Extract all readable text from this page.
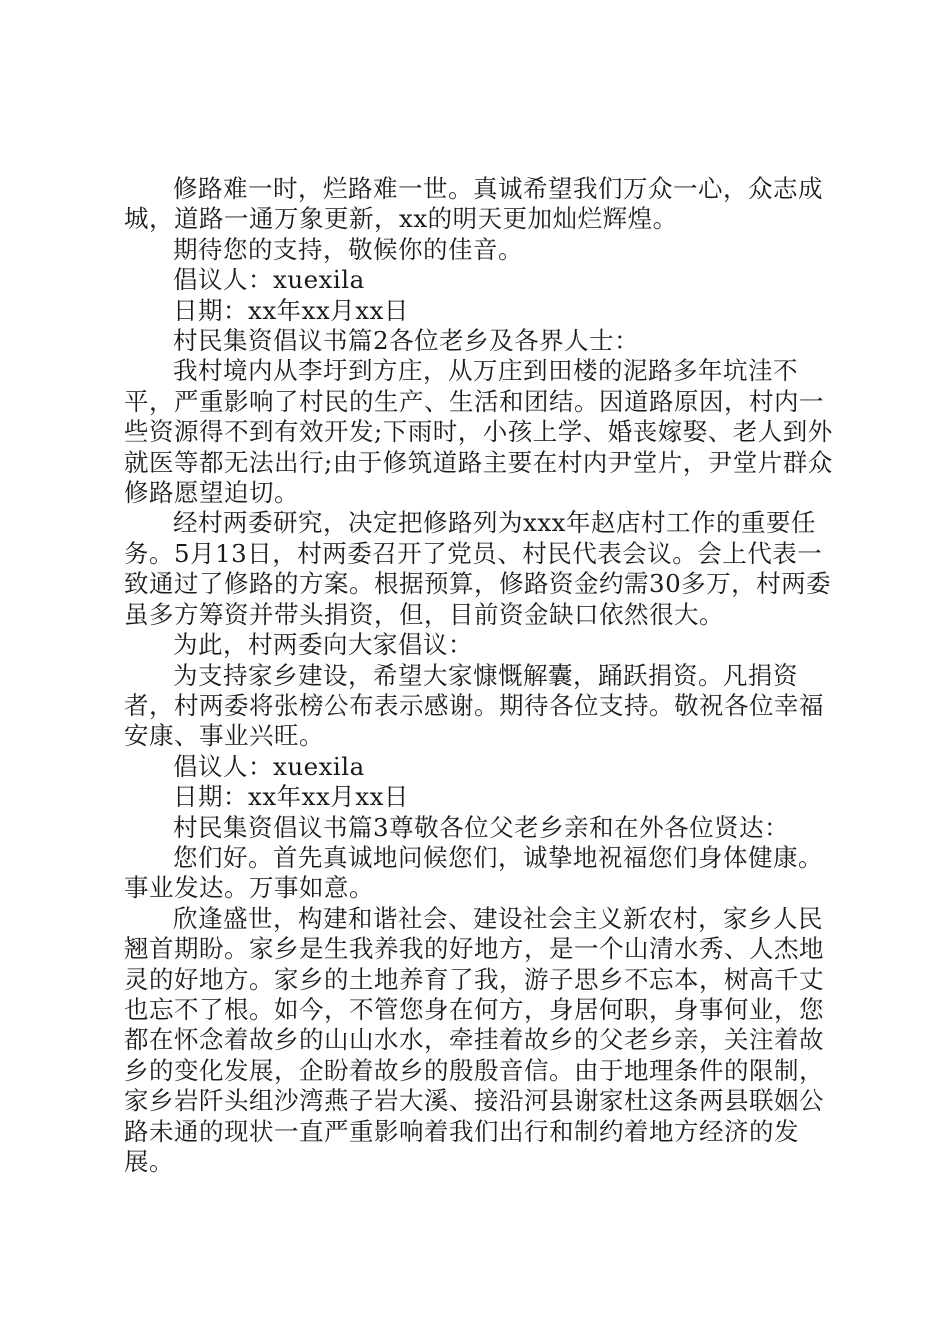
修路难一时，烂路难一世。真诚希望我们万众一心，众志成城，道路一通万象更新，xx的明天更加灿烂辉煌。

期待您的支持，敬候你的佳音。

倡议人：xuexila

日期：xx年xx月xx日

村民集资倡议书篇2各位老乡及各界人士：

我村境内从李圩到方庄，从万庄到田楼的泥路多年坑洼不平，严重影响了村民的生产、生活和团结。因道路原因，村内一些资源得不到有效开发;下雨时，小孩上学、婚丧嫁娶、老人到外就医等都无法出行;由于修筑道路主要在村内尹堂片，尹堂片群众修路愿望迫切。

经村两委研究，决定把修路列为xxx年赵店村工作的重要任务。5月13日，村两委召开了党员、村民代表会议。会上代表一致通过了修路的方案。根据预算，修路资金约需30多万，村两委虽多方筹资并带头捐资，但，目前资金缺口依然很大。

为此，村两委向大家倡议：

为支持家乡建设，希望大家慷慨解囊，踊跃捐资。凡捐资者，村两委将张榜公布表示感谢。期待各位支持。敬祝各位幸福安康、事业兴旺。

倡议人：xuexila

日期：xx年xx月xx日

村民集资倡议书篇3尊敬各位父老乡亲和在外各位贤达：

您们好。首先真诚地问候您们，诚挚地祝福您们身体健康。事业发达。万事如意。

欣逢盛世，构建和谐社会、建设社会主义新农村，家乡人民翘首期盼。家乡是生我养我的好地方，是一个山清水秀、人杰地灵的好地方。家乡的土地养育了我，游子思乡不忘本，树高千丈也忘不了根。如今，不管您身在何方，身居何职，身事何业，您都在怀念着故乡的山山水水，牵挂着故乡的父老乡亲，关注着故乡的变化发展，企盼着故乡的殷殷音信。由于地理条件的限制，家乡岩阡头组沙湾燕子岩大溪、接沿河县谢家杜这条两县联姻公路未通的现状一直严重影响着我们出行和制约着地方经济的发展。
